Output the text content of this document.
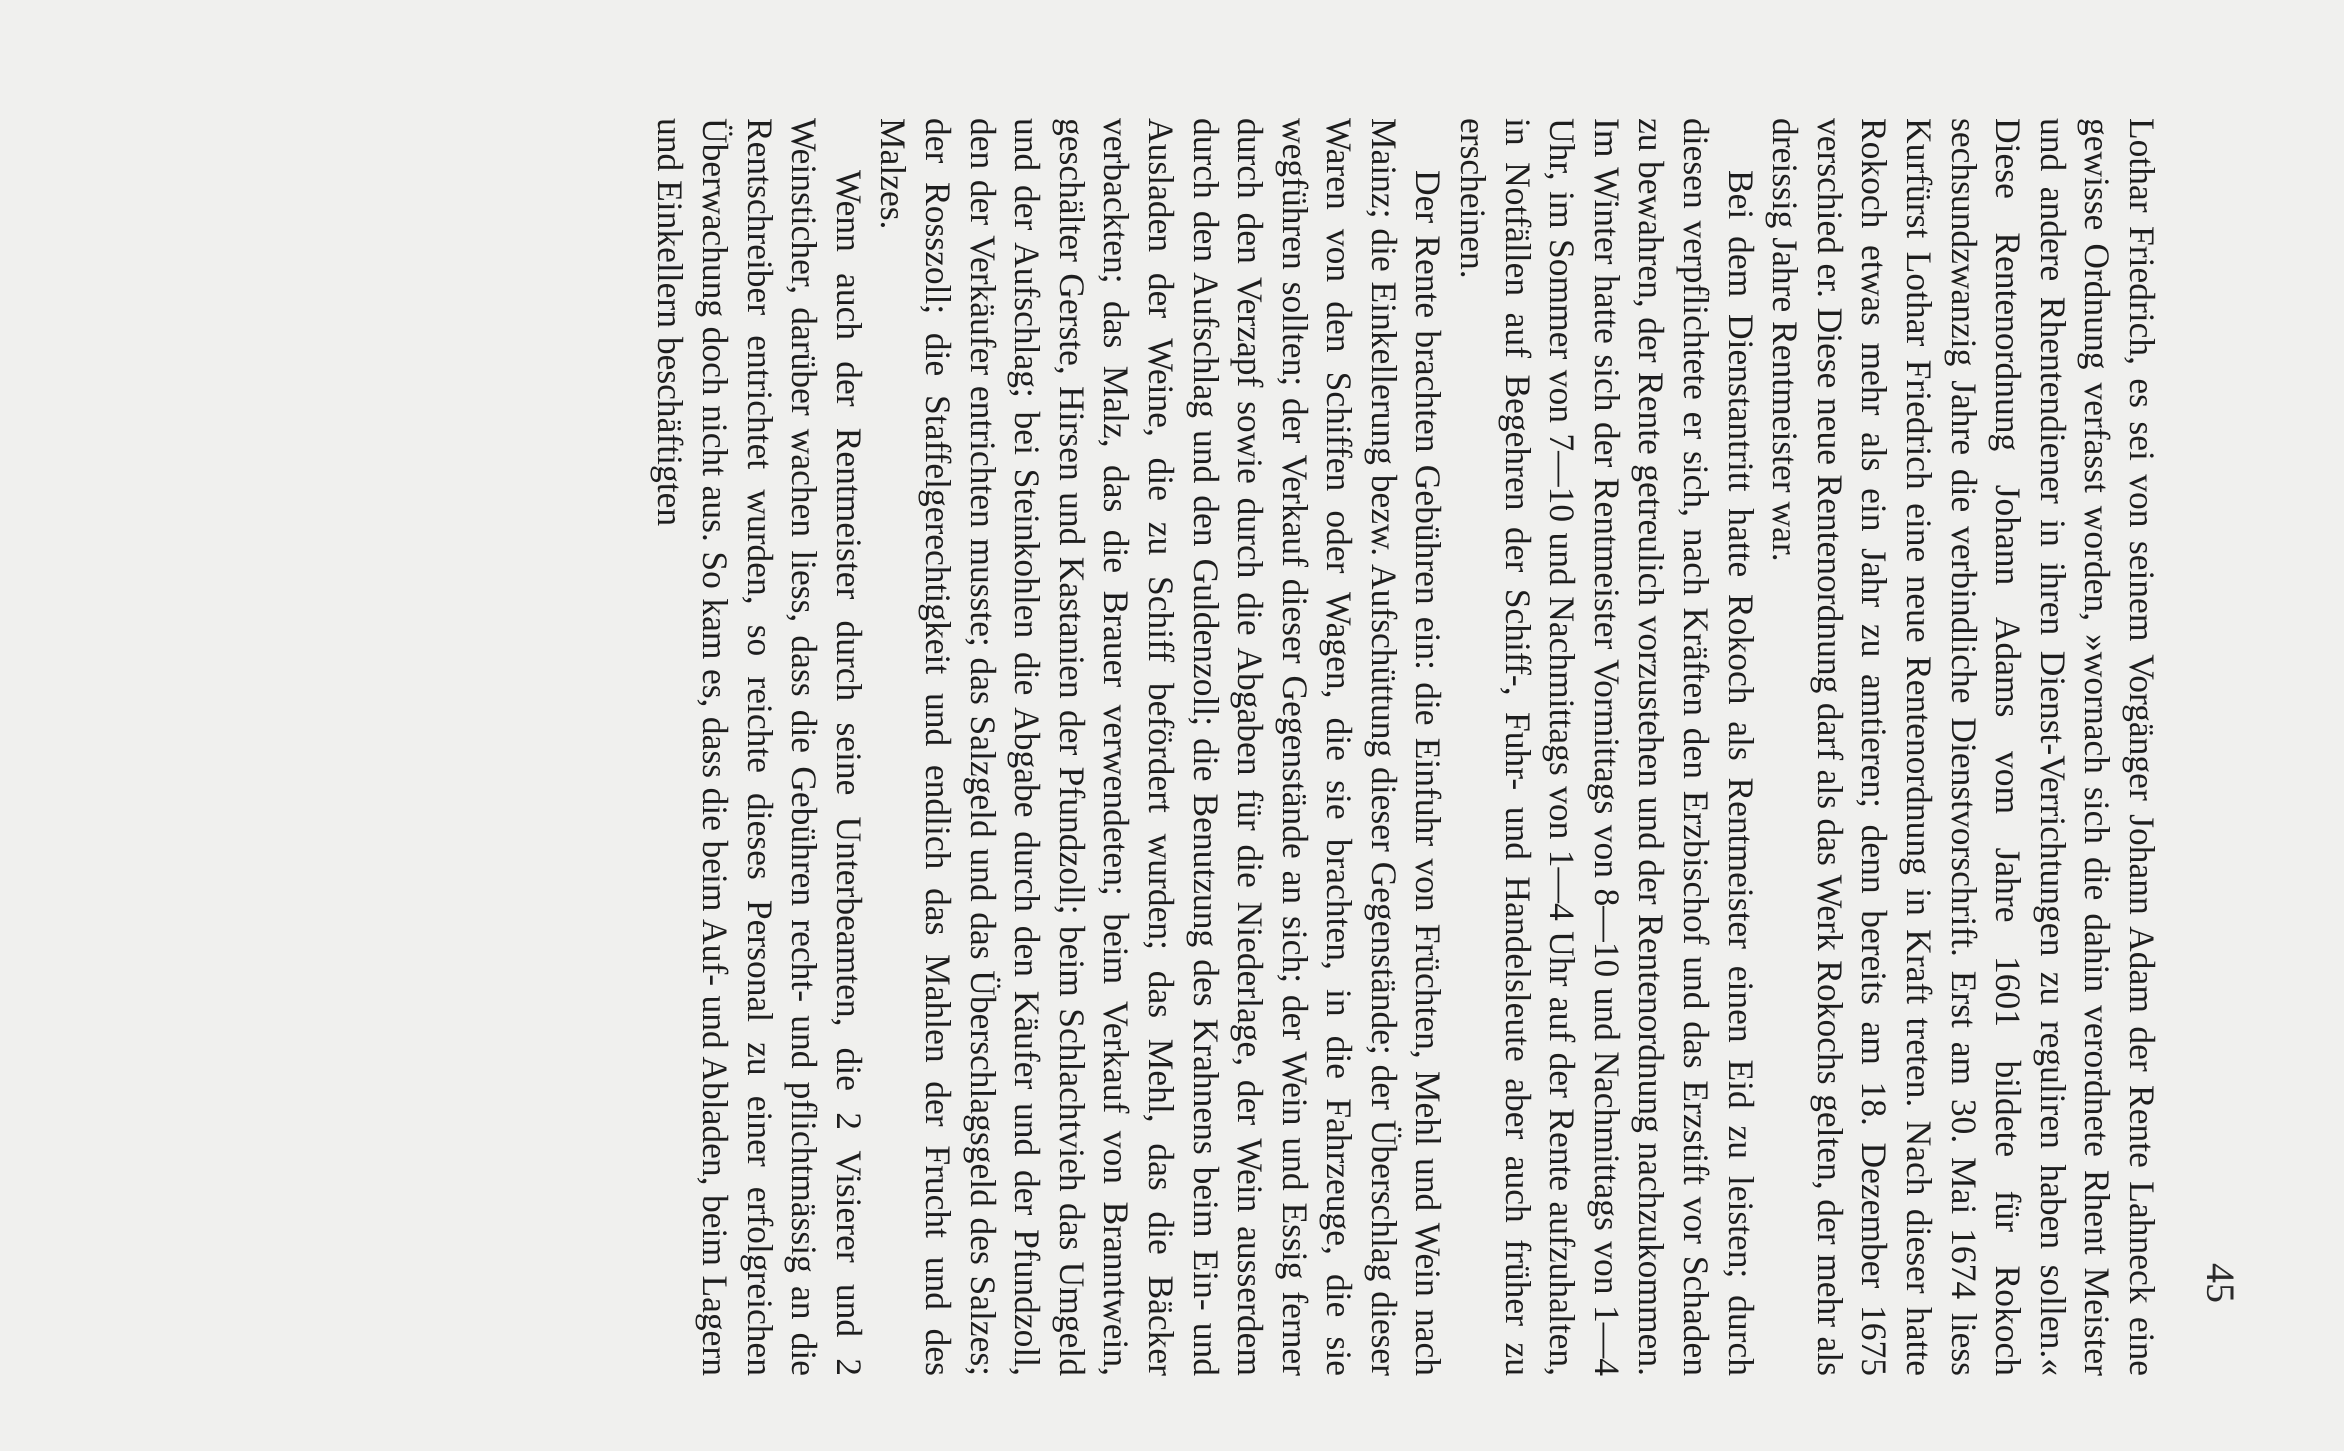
45

Lothar Friedrich, es sei von seinem Vorgänger Johann Adam der Rente Lahneck eine gewisse Ordnung verfasst worden, »wornach sich die dahin verordnete Rhent Meister und andere Rhentendiener in ihren Dienst-Verrichtungen zu reguliren haben sollen.« Diese Rentenordnung Johann Adams vom Jahre 1601 bildete für Rokoch sechsundzwanzig Jahre die verbindliche Dienstvorschrift. Erst am 30. Mai 1674 liess Kurfürst Lothar Friedrich eine neue Rentenordnung in Kraft treten. Nach dieser hatte Rokoch etwas mehr als ein Jahr zu amtieren; denn bereits am 18. Dezember 1675 verschied er. Diese neue Rentenordnung darf als das Werk Rokochs gelten, der mehr als dreissig Jahre Rentmeister war.

Bei dem Dienstantritt hatte Rokoch als Rentmeister einen Eid zu leisten; durch diesen verpflichtete er sich, nach Kräften den Erzbischof und das Erzstift vor Schaden zu bewahren, der Rente getreulich vorzustehen und der Rentenordnung nachzukommen. Im Winter hatte sich der Rentmeister Vormittags von 8—10 und Nachmittags von 1—4 Uhr, im Sommer von 7—10 und Nachmittags von 1—4 Uhr auf der Rente aufzuhalten, in Notfällen auf Begehren der Schiff-, Fuhr- und Handelsleute aber auch früher zu erscheinen.

Der Rente brachten Gebühren ein: die Einfuhr von Früchten, Mehl und Wein nach Mainz; die Einkellerung bezw. Aufschüttung dieser Gegenstände; der Überschlag dieser Waren von den Schiffen oder Wagen, die sie brachten, in die Fahrzeuge, die sie wegführen sollten; der Verkauf dieser Gegenstände an sich; der Wein und Essig ferner durch den Verzapf sowie durch die Abgaben für die Niederlage, der Wein ausserdem durch den Aufschlag und den Guldenzoll; die Benutzung des Krahnens beim Ein- und Ausladen der Weine, die zu Schiff befördert wurden; das Mehl, das die Bäcker verbackten; das Malz, das die Brauer verwendeten; beim Verkauf von Branntwein, geschälter Gerste, Hirsen und Kastanien der Pfundzoll; beim Schlachtvieh das Umgeld und der Aufschlag; bei Steinkohlen die Abgabe durch den Käufer und der Pfundzoll, den der Verkäufer entrichten musste; das Salzgeld und das Überschlagsgeld des Salzes; der Rosszoll; die Staffelgerechtigkeit und endlich das Mahlen der Frucht und des Malzes.

Wenn auch der Rentmeister durch seine Unterbeamten, die 2 Visierer und 2 Weinsticher, darüber wachen liess, dass die Gebühren recht- und pflichtmässig an die Rentschreiber entrichtet wurden, so reichte dieses Personal zu einer erfolgreichen Überwachung doch nicht aus. So kam es, dass die beim Auf- und Abladen, beim Lagern und Einkellern beschäftigten
